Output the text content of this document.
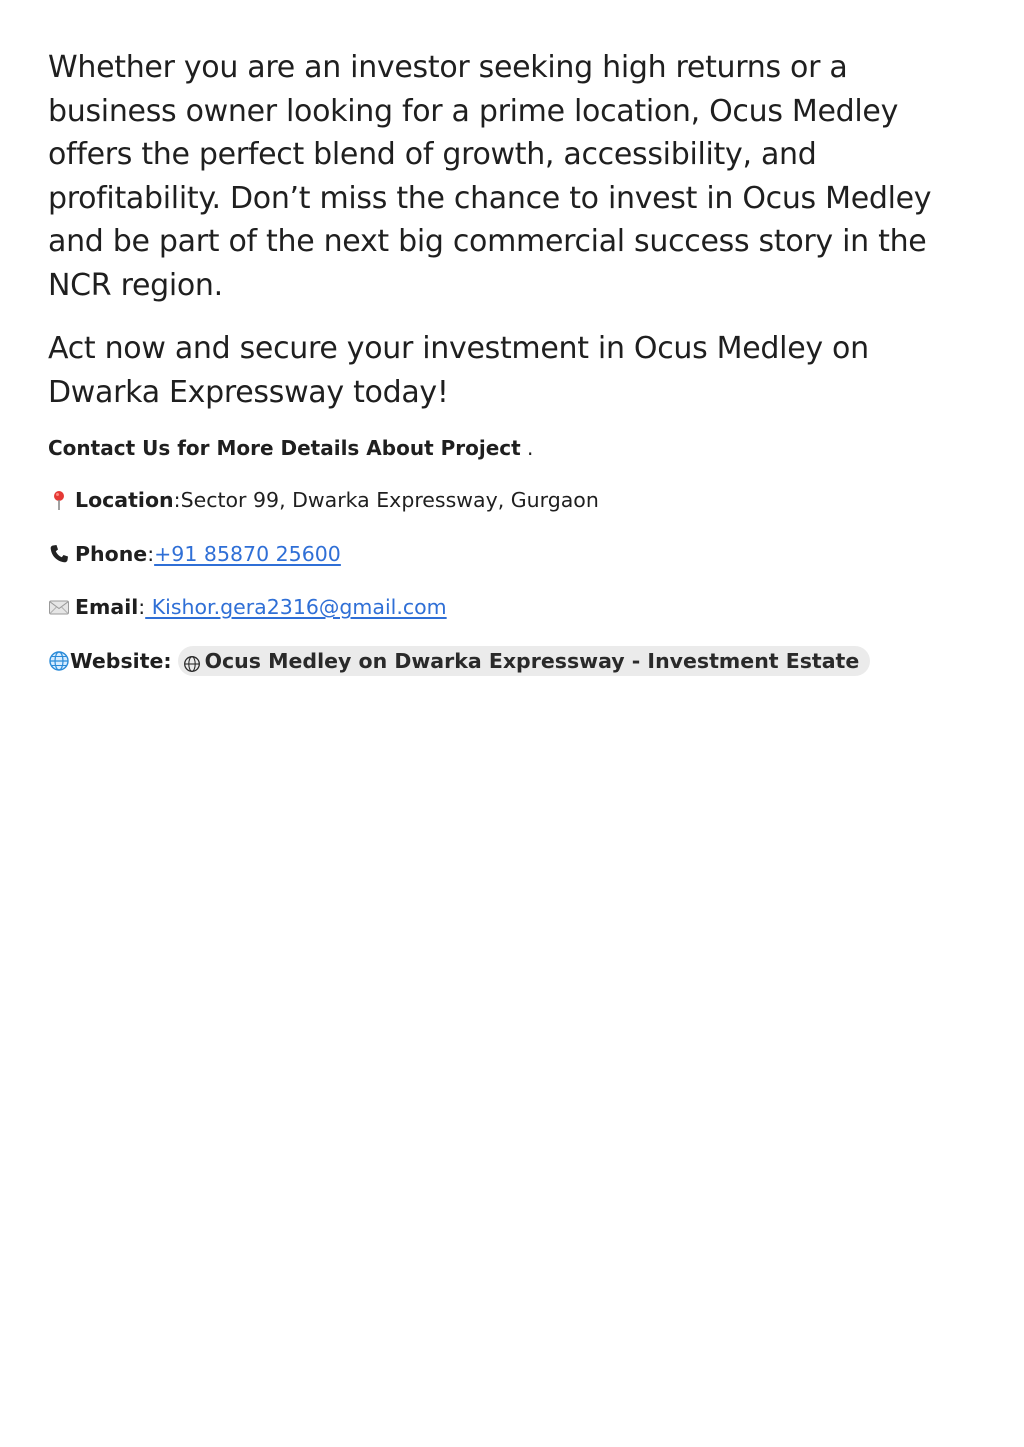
Whether you are an investor seeking high returns or a business owner looking for a prime location, Ocus Medley offers the perfect blend of growth, accessibility, and profitability. Don’t miss the chance to invest in Ocus Medley and be part of the next big commercial success story in the NCR region.

Act now and secure your investment in Ocus Medley on Dwarka Expressway today!

Contact Us for More Details About Project .
Location : Sector 99, Dwarka Expressway, Gurgaon
Phone : +91 85870 25600
Email : Kishor.gera2316@gmail.com
Website: Ocus Medley on Dwarka Expressway - Investment Estate
